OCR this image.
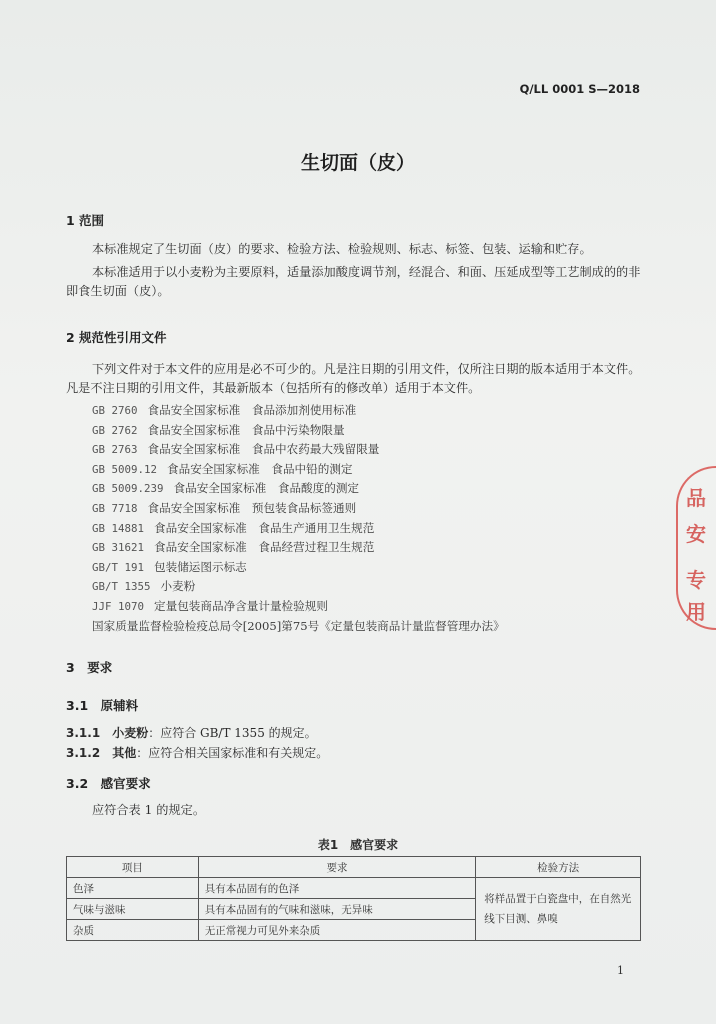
Q/LL 0001 S—2018
生切面（皮）
1 范围
本标准规定了生切面（皮）的要求、检验方法、检验规则、标志、标签、包装、运输和贮存。
本标准适用于以小麦粉为主要原料，适量添加酸度调节剂，经混合、和面、压延成型等工艺制成的的非即食生切面（皮）。
2 规范性引用文件
下列文件对于本文件的应用是必不可少的。凡是注日期的引用文件，仅所注日期的版本适用于本文件。凡是不注日期的引用文件，其最新版本（包括所有的修改单）适用于本文件。
GB 2760 食品安全国家标准　食品添加剂使用标准
GB 2762 食品安全国家标准　食品中污染物限量
GB 2763 食品安全国家标准　食品中农药最大残留限量
GB 5009.12 食品安全国家标准　食品中铅的测定
GB 5009.239 食品安全国家标准　食品酸度的测定
GB 7718 食品安全国家标准　预包装食品标签通则
GB 14881 食品安全国家标准　食品生产通用卫生规范
GB 31621 食品安全国家标准　食品经营过程卫生规范
GB/T 191 包装储运图示标志
GB/T 1355 小麦粉
JJF 1070 定量包装商品净含量计量检验规则
国家质量监督检验检疫总局令[2005]第75号《定量包装商品计量监督管理办法》
3　要求
3.1　原辅料
3.1.1　 小麦粉：应符合 GB/T 1355 的规定。
3.1.2　 其他：应符合相关国家标准和有关规定。
3.2　感官要求
应符合表 1 的规定。
表1　感官要求
项目	要求	检验方法
色泽	具有本品固有的色泽	将样品置于白瓷盘中，在自然光线下目测、鼻嗅
气味与滋味	具有本品固有的气味和滋味，无异味	
杂质	无正常视力可见外来杂质	
1
品
安
专
用
